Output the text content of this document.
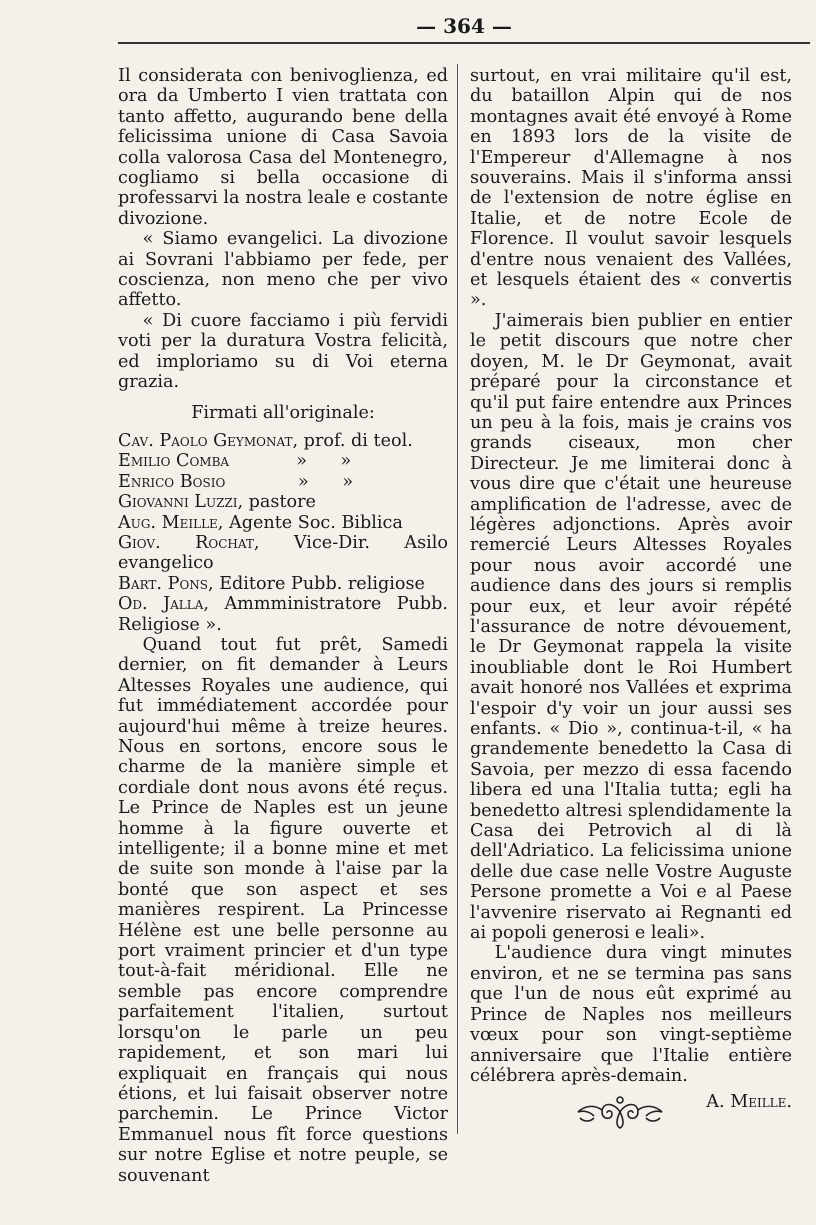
— 364 —

Il considerata con benivoglienza, ed ora da Umberto I vien trattata con tanto affetto, augurando bene della felicissima unione di Casa Savoia colla valorosa Casa del Montenegro, cogliamo si bella occasione di professarvi la nostra leale e costante divozione.

« Siamo evangelici. La divozione ai Sovrani l'abbiamo per fede, per coscienza, non meno che per vivo affetto.

« Di cuore facciamo i più fervidi voti per la duratura Vostra felicità, ed imploriamo su di Voi eterna grazia.

Firmati all'originale:

Cav. Paolo Geymonat, prof. di teol.
Emilio Comba            »      »
Enrico Bosio             »      »
Giovanni Luzzi, pastore
Aug. Meille, Agente Soc. Biblica
Giov. Rochat, Vice-Dir. Asilo evangelico
Bart. Pons, Editore Pubb. religiose
Od. Jalla, Ammministratore Pubb. Religiose ».

Quand tout fut prêt, Samedi dernier, on fit demander à Leurs Altesses Royales une audience, qui fut immédiatement accordée pour aujourd'hui même à treize heures. Nous en sortons, encore sous le charme de la manière simple et cordiale dont nous avons été reçus. Le Prince de Naples est un jeune homme à la figure ouverte et intelligente; il a bonne mine et met de suite son monde à l'aise par la bonté que son aspect et ses manières respirent. La Princesse Hélène est une belle personne au port vraiment princier et d'un type tout-à-fait méridional. Elle ne semble pas encore comprendre parfaitement l'italien, surtout lorsqu'on le parle un peu rapidement, et son mari lui expliquait en français qui nous étions, et lui faisait observer notre parchemin. Le Prince Victor Emmanuel nous fît force questions sur notre Eglise et notre peuple, se souvenant

surtout, en vrai militaire qu'il est, du bataillon Alpin qui de nos montagnes avait été envoyé à Rome en 1893 lors de la visite de l'Empereur d'Allemagne à nos souverains. Mais il s'informa anssi de l'extension de notre église en Italie, et de notre Ecole de Florence. Il voulut savoir lesquels d'entre nous venaient des Vallées, et lesquels étaient des « convertis ».

J'aimerais bien publier en entier le petit discours que notre cher doyen, M. le Dr Geymonat, avait préparé pour la circonstance et qu'il put faire entendre aux Princes un peu à la fois, mais je crains vos grands ciseaux, mon cher Directeur. Je me limiterai donc à vous dire que c'était une heureuse amplification de l'adresse, avec de légères adjonctions. Après avoir remercié Leurs Altesses Royales pour nous avoir accordé une audience dans des jours si remplis pour eux, et leur avoir répété l'assurance de notre dévouement, le Dr Geymonat rappela la visite inoubliable dont le Roi Humbert avait honoré nos Vallées et exprima l'espoir d'y voir un jour aussi ses enfants. « Dio », continua-t-il, « ha grandemente benedetto la Casa di Savoia, per mezzo di essa facendo libera ed una l'Italia tutta; egli ha benedetto altresi splendidamente la Casa dei Petrovich al di là dell'Adriatico. La felicissima unione delle due case nelle Vostre Auguste Persone promette a Voi e al Paese l'avvenire riservato ai Regnanti ed ai popoli generosi e leali».

L'audience dura vingt minutes environ, et ne se termina pas sans que l'un de nous eût exprimé au Prince de Naples nos meilleurs vœux pour son vingt-septième anniversaire que l'Italie entière célébrera après-demain.

A. Meille.
